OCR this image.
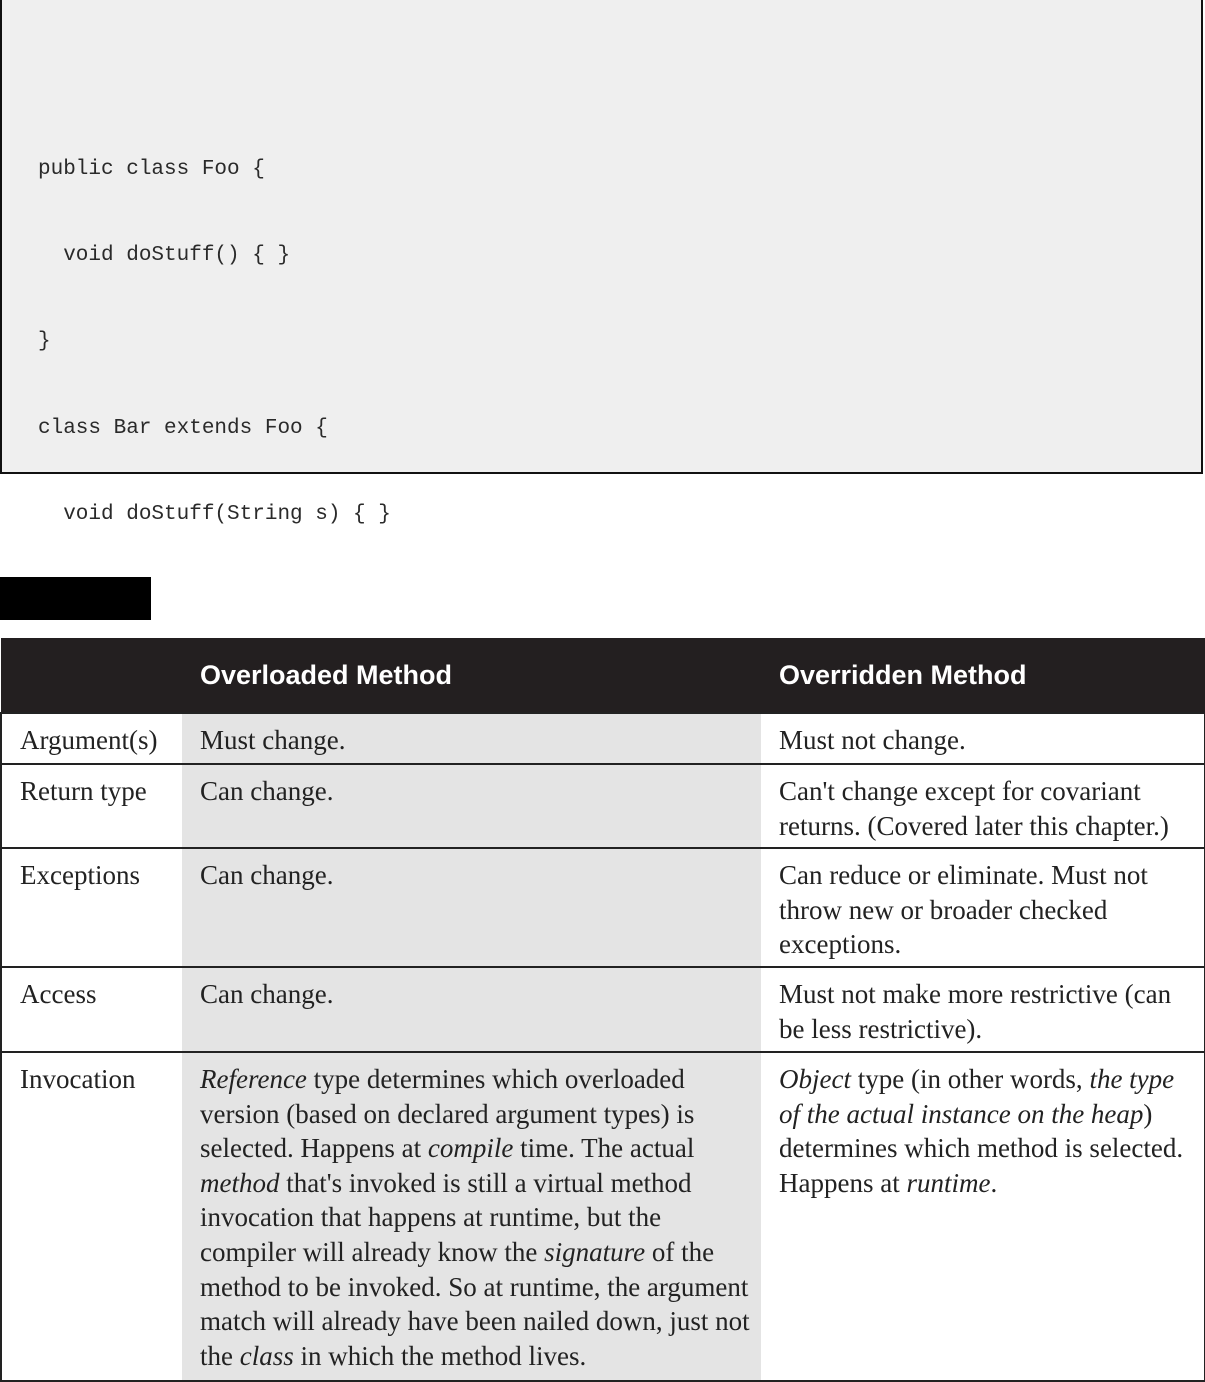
public class Foo {

void doStuff() { }

}

class Bar extends Foo {

void doStuff(String s) { }

	Overloaded Method	Overridden Method
Argument(s)	Must change.	Must not change.
Return type	Can change.	Can't change except for covariant returns. (Covered later this chapter.)
Exceptions	Can change.	Can reduce or eliminate. Must not throw new or broader checked exceptions.
Access	Can change.	Must not make more restrictive (can be less restrictive).
Invocation	Reference type determines which overloaded version (based on declared argument types) is selected. Happens at compile time. The actual method that's invoked is still a virtual method invocation that happens at runtime, but the compiler will already know the signature of the method to be invoked. So at runtime, the argument match will already have been nailed down, just not the class in which the method lives.	Object type (in other words, the type of the actual instance on the heap) determines which method is selected. Happens at runtime.
